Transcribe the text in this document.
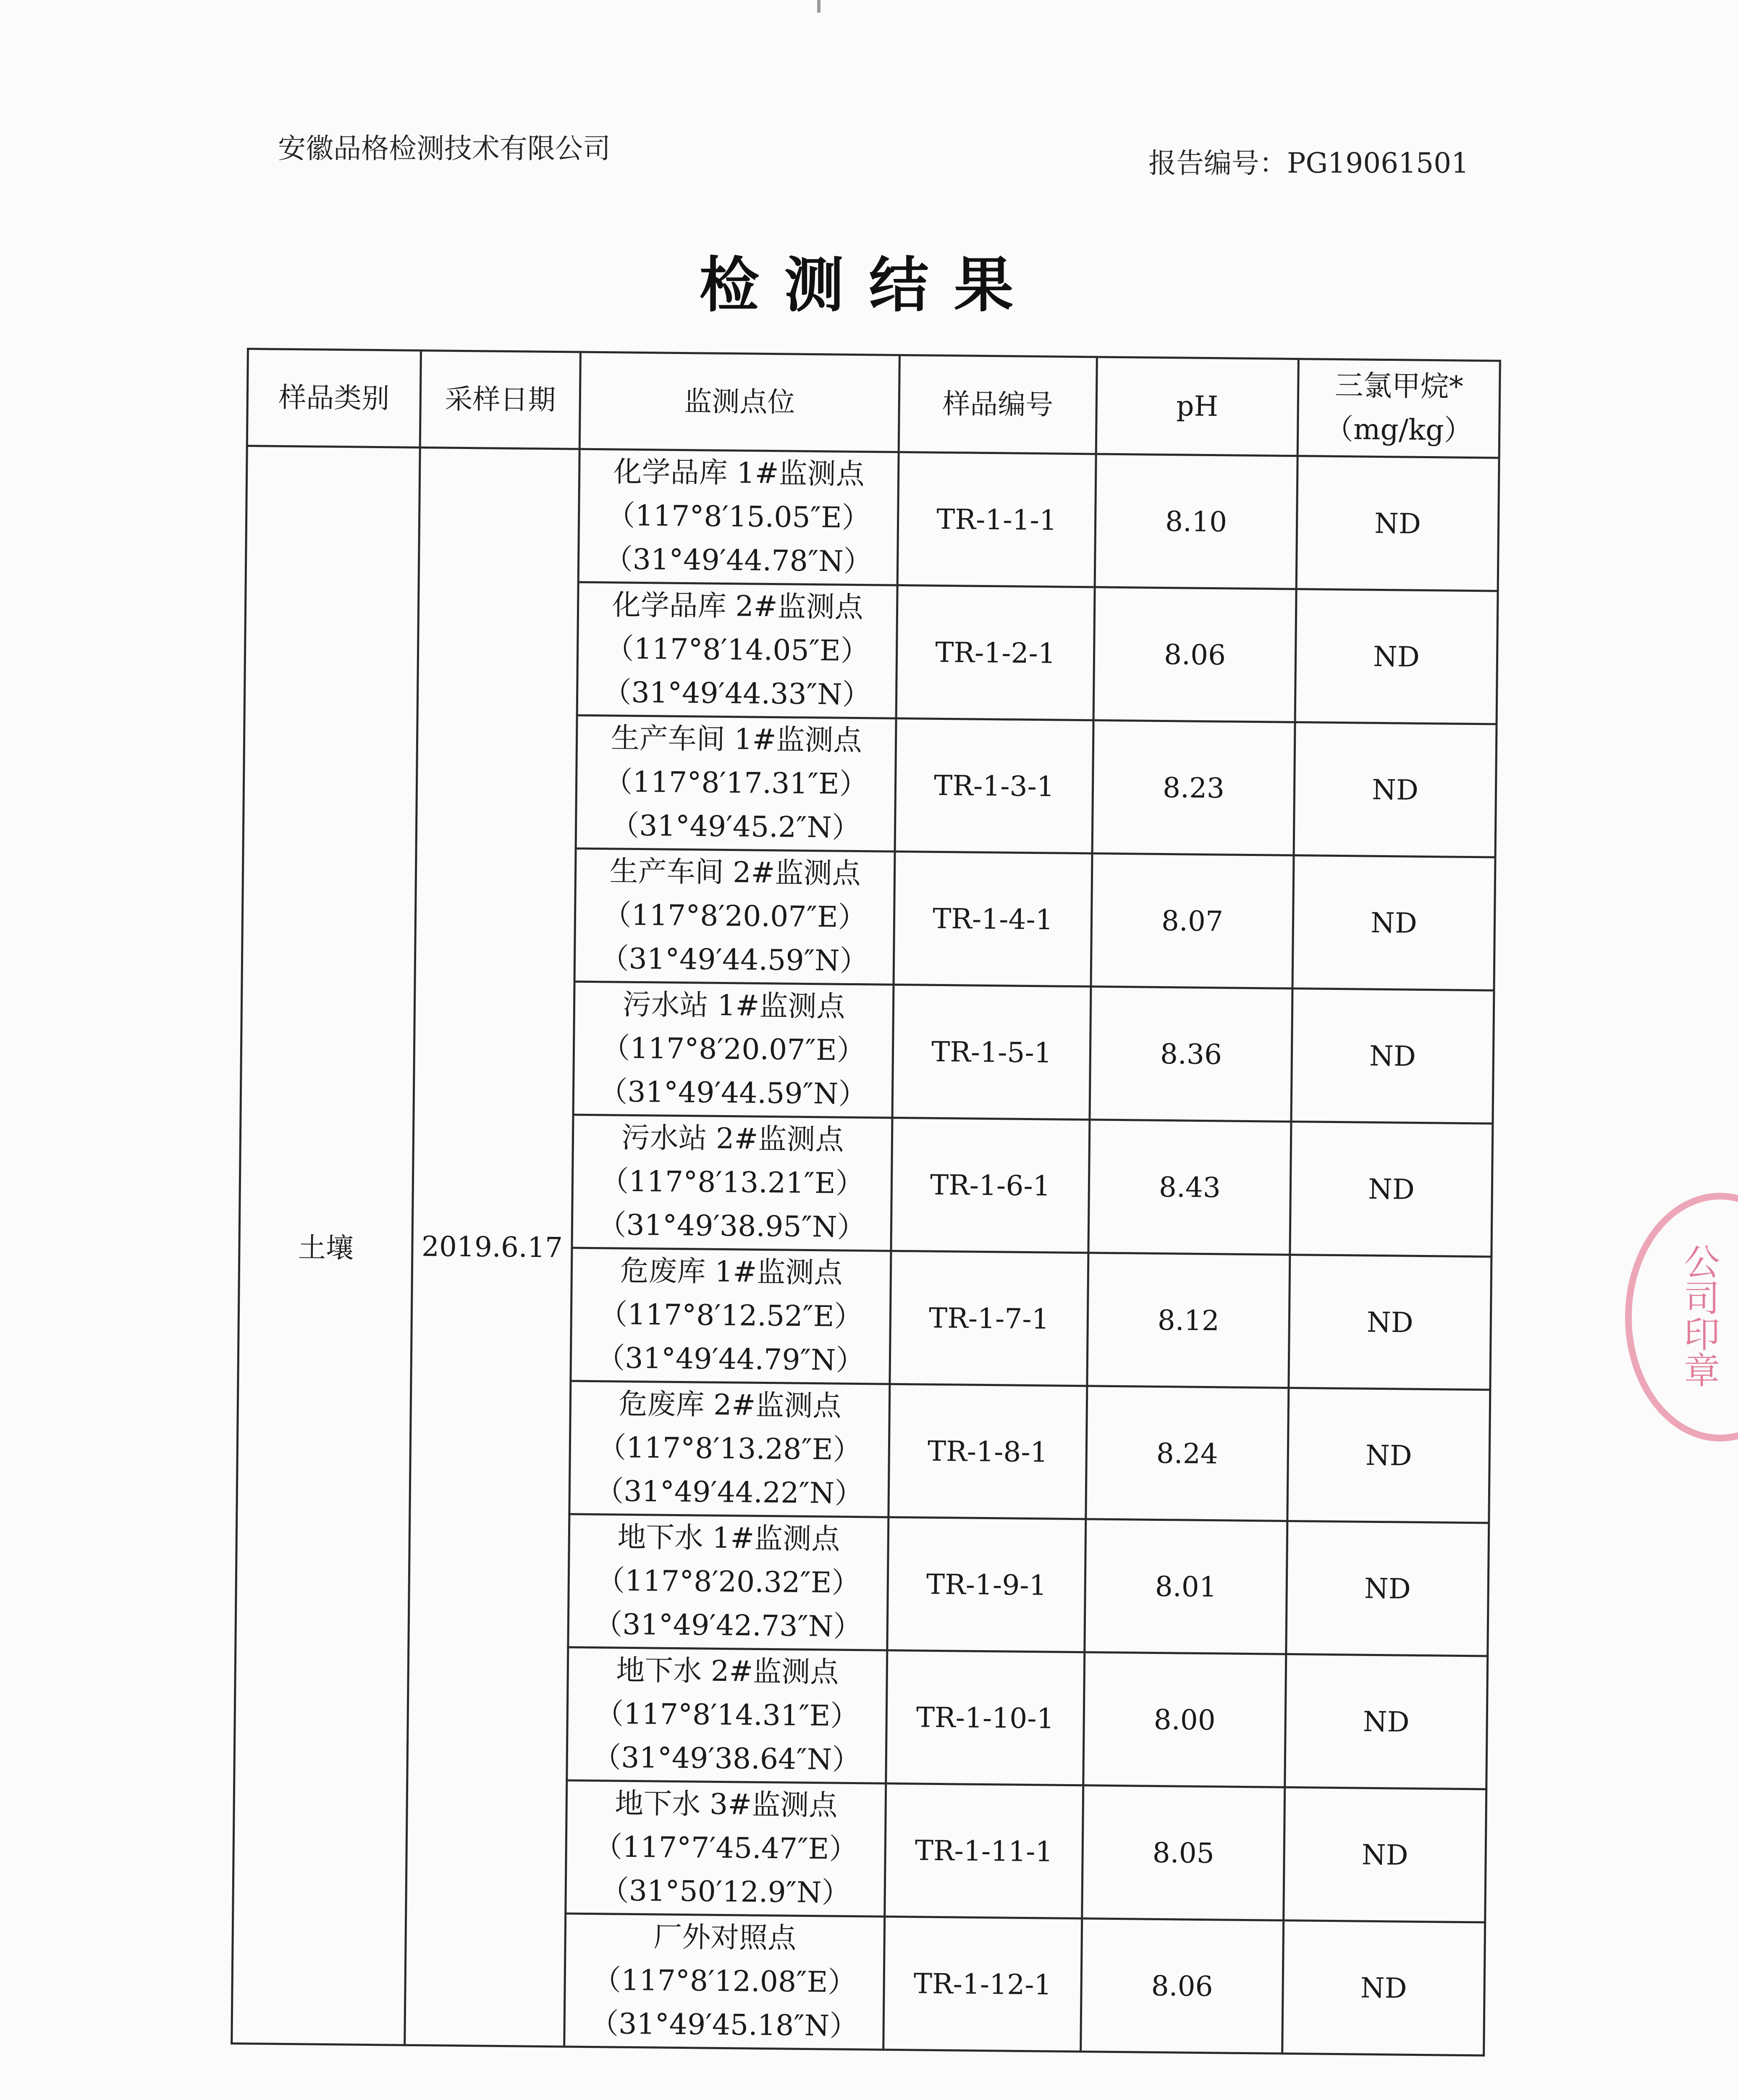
安徽品格检测技术有限公司	报告编号：PG19061501
检测结果
样品类别	采样日期	监测点位	样品编号	pH	三氯甲烷*
（mg/kg）

土壤	2019.6.17	化学品库 1#监测点
（117°8′15.05″E）
（31°49′44.78″N）	TR-1-1-1	8.10	ND

		化学品库 2#监测点
（117°8′14.05″E）
（31°49′44.33″N）	TR-1-2-1	8.06	ND

		生产车间 1#监测点
（117°8′17.31″E）
（31°49′45.2″N）	TR-1-3-1	8.23	ND

		生产车间 2#监测点
（117°8′20.07″E）
（31°49′44.59″N）	TR-1-4-1	8.07	ND

		污水站 1#监测点
（117°8′20.07″E）
（31°49′44.59″N）	TR-1-5-1	8.36	ND

		污水站 2#监测点
（117°8′13.21″E）
（31°49′38.95″N）	TR-1-6-1	8.43	ND

		危废库 1#监测点
（117°8′12.52″E）
（31°49′44.79″N）	TR-1-7-1	8.12	ND

		危废库 2#监测点
（117°8′13.28″E）
（31°49′44.22″N）	TR-1-8-1	8.24	ND

		地下水 1#监测点
（117°8′20.32″E）
（31°49′42.73″N）	TR-1-9-1	8.01	ND

		地下水 2#监测点
（117°8′14.31″E）
（31°49′38.64″N）	TR-1-10-1	8.00	ND

		地下水 3#监测点
（117°7′45.47″E）
（31°50′12.9″N）	TR-1-11-1	8.05	ND

		厂外对照点
（117°8′12.08″E）
（31°49′45.18″N）	TR-1-12-1	8.06	ND
公司印章
